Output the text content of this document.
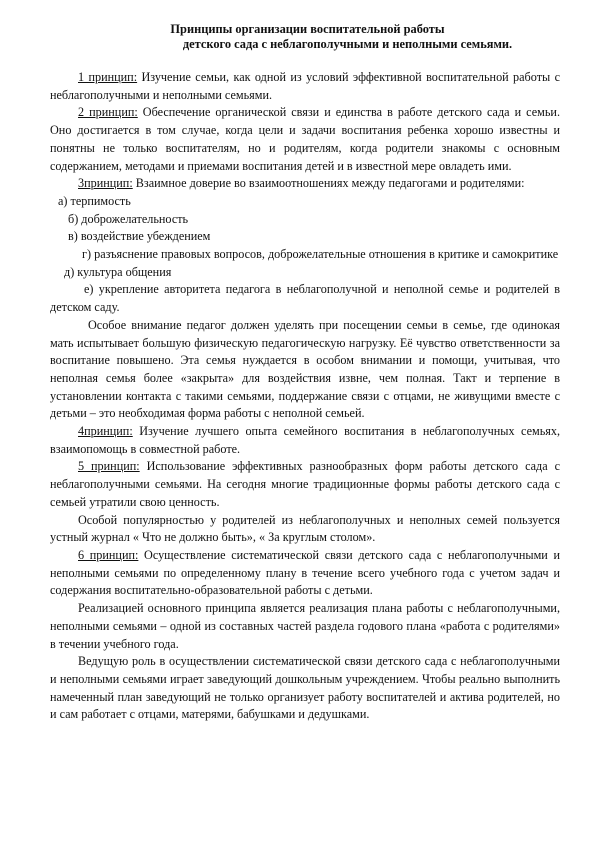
Принципы организации воспитательной работы
детского сада с неблагополучными и неполными семьями.

1 принцип: Изучение семьи, как одной из условий эффективной воспитательной работы с неблагополучными и неполными семьями.

2 принцип: Обеспечение органической связи и единства в работе детского сада и семьи. Оно достигается в том случае, когда цели и задачи воспитания ребенка хорошо известны и понятны не только воспитателям, но и родителям, когда родители знакомы с основным содержанием, методами и приемами воспитания детей и в известной мере овладеть ими.

3принцип: Взаимное доверие во взаимоотношениях между педагогами и родителями:

а) терпимость

б) доброжелательность

в) воздействие убеждением

г) разъяснение правовых вопросов, доброжелательные отношения в критике и самокритике

д) культура общения

е) укрепление авторитета педагога в неблагополучной и неполной семье и родителей в детском саду.

Особое внимание педагог должен уделять при посещении семьи в семье, где одинокая мать испытывает большую физическую педагогическую нагрузку. Её чувство ответственности за воспитание повышено. Эта семья нуждается в особом внимании и помощи, учитывая, что неполная семья более «закрыта» для воздействия извне, чем полная. Такт и терпение в установлении контакта с такими семьями, поддержание связи с отцами, не живущими вместе с детьми – это необходимая форма работы с неполной семьей.

4принцип: Изучение лучшего опыта семейного воспитания в неблагополучных семьях, взаимопомощь в совместной работе.

5 принцип: Использование эффективных разнообразных форм работы детского сада с неблагополучными семьями. На сегодня многие традиционные формы работы детского сада с семьей утратили свою ценность.

Особой популярностью у родителей из неблагополучных и неполных семей пользуется устный журнал « Что не должно быть», « За круглым столом».

6 принцип: Осуществление систематической связи детского сада с неблагополучными и неполными семьями по определенному плану в течение всего учебного года с учетом задач и содержания воспитательно-образовательной работы с детьми.

Реализацией основного принципа является реализация плана работы с неблагополучными, неполными семьями – одной из составных частей раздела годового плана «работа с родителями» в течении учебного года.

Ведущую роль в осуществлении систематической связи детского сада с неблагополучными и неполными семьями играет заведующий дошкольным учреждением. Чтобы реально выполнить намеченный план заведующий не только организует работу воспитателей и актива родителей, но и сам работает с отцами, матерями, бабушками и дедушками.
